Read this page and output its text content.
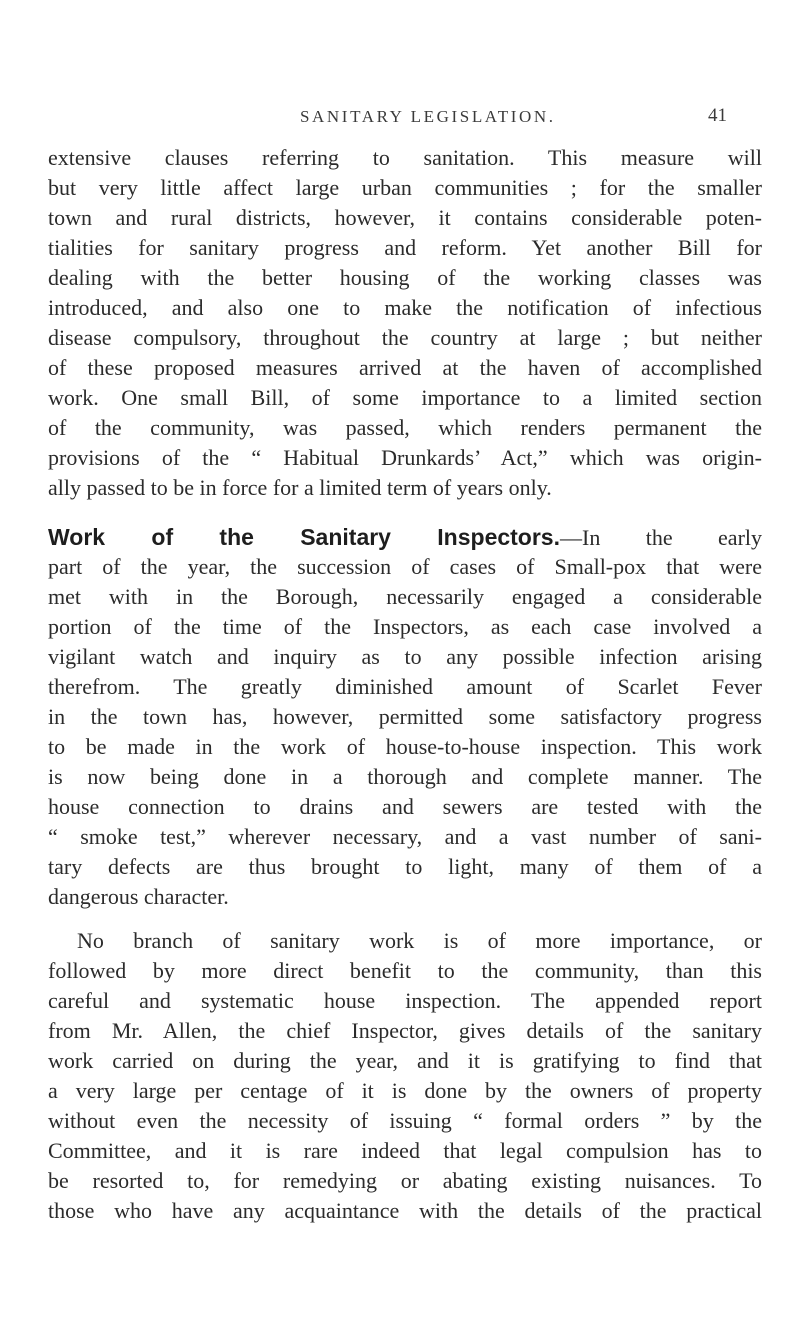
SANITARY LEGISLATION.	41
extensive clauses referring to sanitation. This measure will
but very little affect large urban communities ; for the smaller
town and rural districts, however, it contains considerable poten-
tialities for sanitary progress and reform. Yet another Bill for
dealing with the better housing of the working classes was
introduced, and also one to make the notification of infectious
disease compulsory, throughout the country at large ; but neither
of these proposed measures arrived at the haven of accomplished
work. One small Bill, of some importance to a limited section
of the community, was passed, which renders permanent the
provisions of the “ Habitual Drunkards’ Act,” which was origin-
ally passed to be in force for a limited term of years only.
Work of the Sanitary Inspectors.—In the early
part of the year, the succession of cases of Small-pox that were
met with in the Borough, necessarily engaged a considerable
portion of the time of the Inspectors, as each case involved a
vigilant watch and inquiry as to any possible infection arising
therefrom. The greatly diminished amount of Scarlet Fever
in the town has, however, permitted some satisfactory progress
to be made in the work of house-to-house inspection. This work
is now being done in a thorough and complete manner. The
house connection to drains and sewers are tested with the
“ smoke test,” wherever necessary, and a vast number of sani-
tary defects are thus brought to light, many of them of a
dangerous character.
No branch of sanitary work is of more importance, or
followed by more direct benefit to the community, than this
careful and systematic house inspection. The appended report
from Mr. Allen, the chief Inspector, gives details of the sanitary
work carried on during the year, and it is gratifying to find that
a very large per centage of it is done by the owners of property
without even the necessity of issuing “ formal orders ” by the
Committee, and it is rare indeed that legal compulsion has to
be resorted to, for remedying or abating existing nuisances. To
those who have any acquaintance with the details of the practical
